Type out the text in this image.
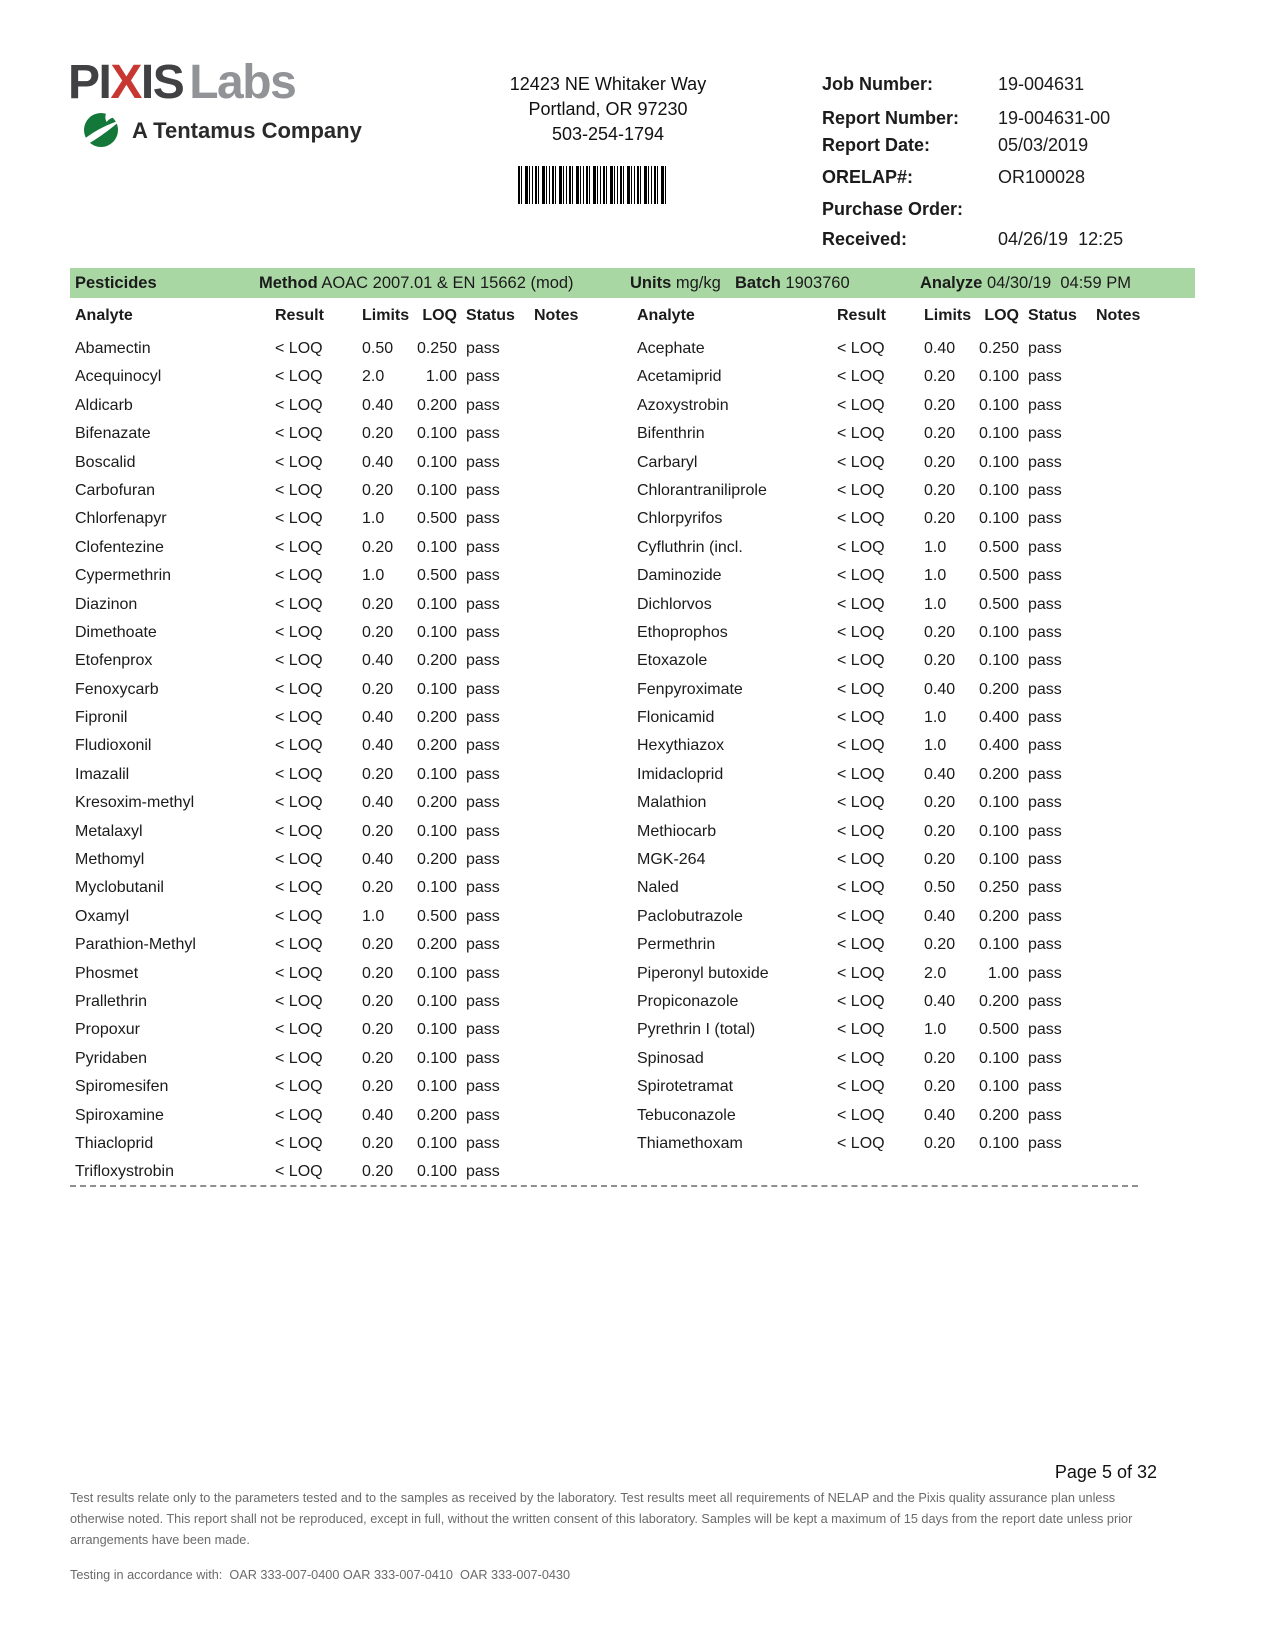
PIXIS Labs
A Tentamus Company
12423 NE Whitaker Way
Portland, OR 97230
503-254-1794
Job Number:	19-004631
Report Number: 19-004631-00
Report Date:	05/03/2019
ORELAP#:	OR100028
Purchase Order:
Received:	04/26/19  12:25
Pesticides	Method AOAC 2007.01 & EN 15662 (mod)	Units mg/kg Batch 1903760	Analyze 04/30/19  04:59 PM
Analyte	Result	Limits LOQ Status	Notes
Abamectin	< LOQ	0.50	0.250 pass
Acequinocyl	< LOQ	2.0	1.00 pass
Aldicarb	< LOQ	0.40	0.200 pass
Bifenazate	< LOQ	0.20	0.100 pass
Boscalid	< LOQ	0.40	0.100 pass
Carbofuran	< LOQ	0.20	0.100 pass
Chlorfenapyr	< LOQ	1.0	0.500 pass
Clofentezine	< LOQ	0.20	0.100 pass
Cypermethrin	< LOQ	1.0	0.500 pass
Diazinon	< LOQ	0.20	0.100 pass
Dimethoate	< LOQ	0.20	0.100 pass
Etofenprox	< LOQ	0.40	0.200 pass
Fenoxycarb	< LOQ	0.20	0.100 pass
Fipronil	< LOQ	0.40	0.200 pass
Fludioxonil	< LOQ	0.40	0.200 pass
Imazalil	< LOQ	0.20	0.100 pass
Kresoxim-methyl	< LOQ	0.40	0.200 pass
Metalaxyl	< LOQ	0.20	0.100 pass
Methomyl	< LOQ	0.40	0.200 pass
Myclobutanil	< LOQ	0.20	0.100 pass
Oxamyl	< LOQ	1.0	0.500 pass
Parathion-Methyl	< LOQ	0.20	0.200 pass
Phosmet	< LOQ	0.20	0.100 pass
Prallethrin	< LOQ	0.20	0.100 pass
Propoxur	< LOQ	0.20	0.100 pass
Pyridaben	< LOQ	0.20	0.100 pass
Spiromesifen	< LOQ	0.20	0.100 pass
Spiroxamine	< LOQ	0.40	0.200 pass
Thiacloprid	< LOQ	0.20	0.100 pass
Trifloxystrobin	< LOQ	0.20	0.100 pass
Analyte	Result	Limits LOQ Status	Notes
Acephate	< LOQ	0.40	0.250 pass
Acetamiprid	< LOQ	0.20	0.100 pass
Azoxystrobin	< LOQ	0.20	0.100 pass
Bifenthrin	< LOQ	0.20	0.100 pass
Carbaryl	< LOQ	0.20	0.100 pass
Chlorantraniliprole	< LOQ	0.20	0.100 pass
Chlorpyrifos	< LOQ	0.20	0.100 pass
Cyfluthrin (incl.	< LOQ	1.0	0.500 pass
Daminozide	< LOQ	1.0	0.500 pass
Dichlorvos	< LOQ	1.0	0.500 pass
Ethoprophos	< LOQ	0.20	0.100 pass
Etoxazole	< LOQ	0.20	0.100 pass
Fenpyroximate	< LOQ	0.40	0.200 pass
Flonicamid	< LOQ	1.0	0.400 pass
Hexythiazox	< LOQ	1.0	0.400 pass
Imidacloprid	< LOQ	0.40	0.200 pass
Malathion	< LOQ	0.20	0.100 pass
Methiocarb	< LOQ	0.20	0.100 pass
MGK-264	< LOQ	0.20	0.100 pass
Naled	< LOQ	0.50	0.250 pass
Paclobutrazole	< LOQ	0.40	0.200 pass
Permethrin	< LOQ	0.20	0.100 pass
Piperonyl butoxide	< LOQ	2.0	1.00 pass
Propiconazole	< LOQ	0.40	0.200 pass
Pyrethrin I (total)	< LOQ	1.0	0.500 pass
Spinosad	< LOQ	0.20	0.100 pass
Spirotetramat	< LOQ	0.20	0.100 pass
Tebuconazole	< LOQ	0.40	0.200 pass
Thiamethoxam	< LOQ	0.20	0.100 pass
Page 5 of 32
Test results relate only to the parameters tested and to the samples as received by the laboratory. Test results meet all requirements of NELAP and the Pixis quality assurance plan unless
otherwise noted. This report shall not be reproduced, except in full, without the written consent of this laboratory. Samples will be kept a maximum of 15 days from the report date unless prior
arrangements have been made.
Testing in accordance with:  OAR 333-007-0400 OAR 333-007-0410  OAR 333-007-0430
